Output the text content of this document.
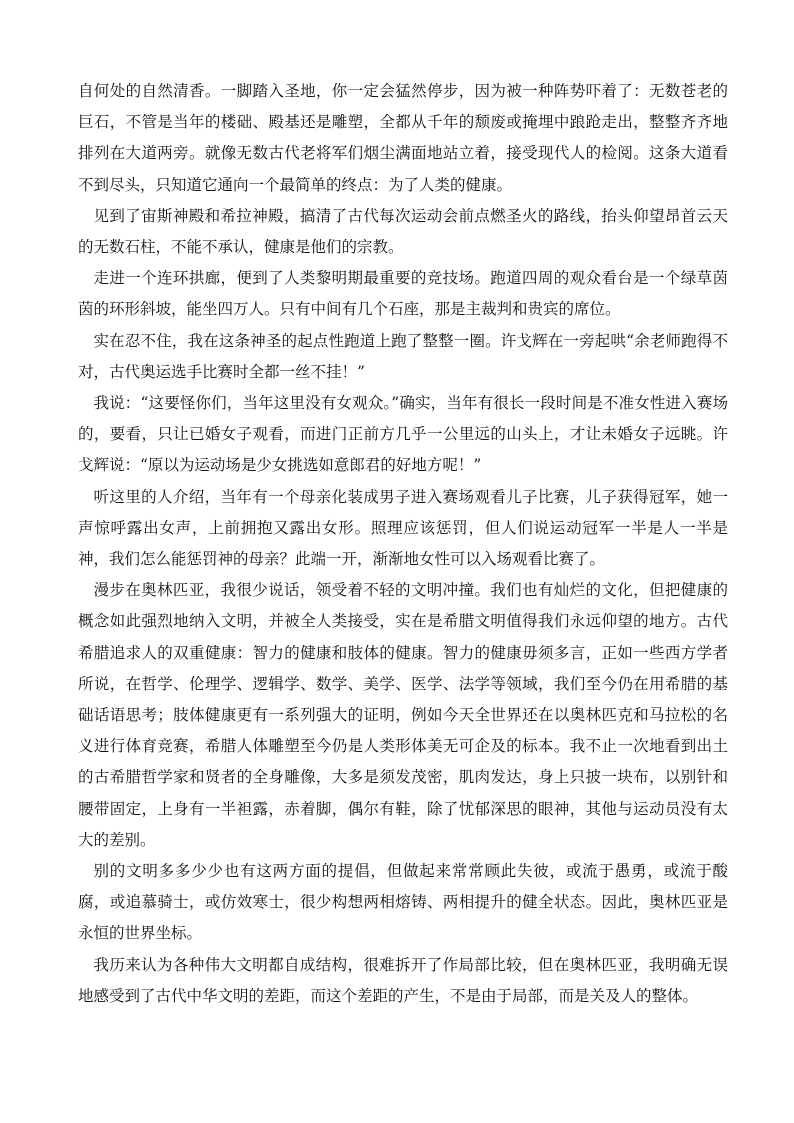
自何处的自然清香。一脚踏入圣地，你一定会猛然停步，因为被一种阵势吓着了：无数苍老的巨石，不管是当年的楼础、殿基还是雕塑，全都从千年的颓废或掩埋中踉跄走出，整整齐齐地排列在大道两旁。就像无数古代老将军们烟尘满面地站立着，接受现代人的检阅。这条大道看不到尽头，只知道它通向一个最简单的终点：为了人类的健康。

见到了宙斯神殿和希拉神殿，搞清了古代每次运动会前点燃圣火的路线，抬头仰望昂首云天的无数石柱，不能不承认，健康是他们的宗教。

走进一个连环拱廊，便到了人类黎明期最重要的竞技场。跑道四周的观众看台是一个绿草茵茵的环形斜坡，能坐四万人。只有中间有几个石座，那是主裁判和贵宾的席位。

实在忍不住，我在这条神圣的起点性跑道上跑了整整一圈。许戈辉在一旁起哄“余老师跑得不对，古代奥运选手比赛时全都一丝不挂！”

我说：“这要怪你们，当年这里没有女观众。”确实，当年有很长一段时间是不准女性进入赛场的，要看，只让已婚女子观看，而进门正前方几乎一公里远的山头上，才让未婚女子远眺。许戈辉说：“原以为运动场是少女挑选如意郎君的好地方呢！”

听这里的人介绍，当年有一个母亲化装成男子进入赛场观看儿子比赛，儿子获得冠军，她一声惊呼露出女声，上前拥抱又露出女形。照理应该惩罚，但人们说运动冠军一半是人一半是神，我们怎么能惩罚神的母亲？此端一开，渐渐地女性可以入场观看比赛了。

漫步在奥林匹亚，我很少说话，领受着不轻的文明冲撞。我们也有灿烂的文化，但把健康的概念如此强烈地纳入文明，并被全人类接受，实在是希腊文明值得我们永远仰望的地方。古代希腊追求人的双重健康：智力的健康和肢体的健康。智力的健康毋须多言，正如一些西方学者所说，在哲学、伦理学、逻辑学、数学、美学、医学、法学等领域，我们至今仍在用希腊的基础话语思考；肢体健康更有一系列强大的证明，例如今天全世界还在以奥林匹克和马拉松的名义进行体育竞赛，希腊人体雕塑至今仍是人类形体美无可企及的标本。我不止一次地看到出土的古希腊哲学家和贤者的全身雕像，大多是须发茂密，肌肉发达，身上只披一块布，以别针和腰带固定，上身有一半袒露，赤着脚，偶尔有鞋，除了忧郁深思的眼神，其他与运动员没有太大的差别。

别的文明多多少少也有这两方面的提倡，但做起来常常顾此失彼，或流于愚勇，或流于酸腐，或追慕骑士，或仿效寒士，很少构想两相熔铸、两相提升的健全状态。因此，奥林匹亚是永恒的世界坐标。

我历来认为各种伟大文明都自成结构，很难拆开了作局部比较，但在奥林匹亚，我明确无误地感受到了古代中华文明的差距，而这个差距的产生，不是由于局部，而是关及人的整体。
